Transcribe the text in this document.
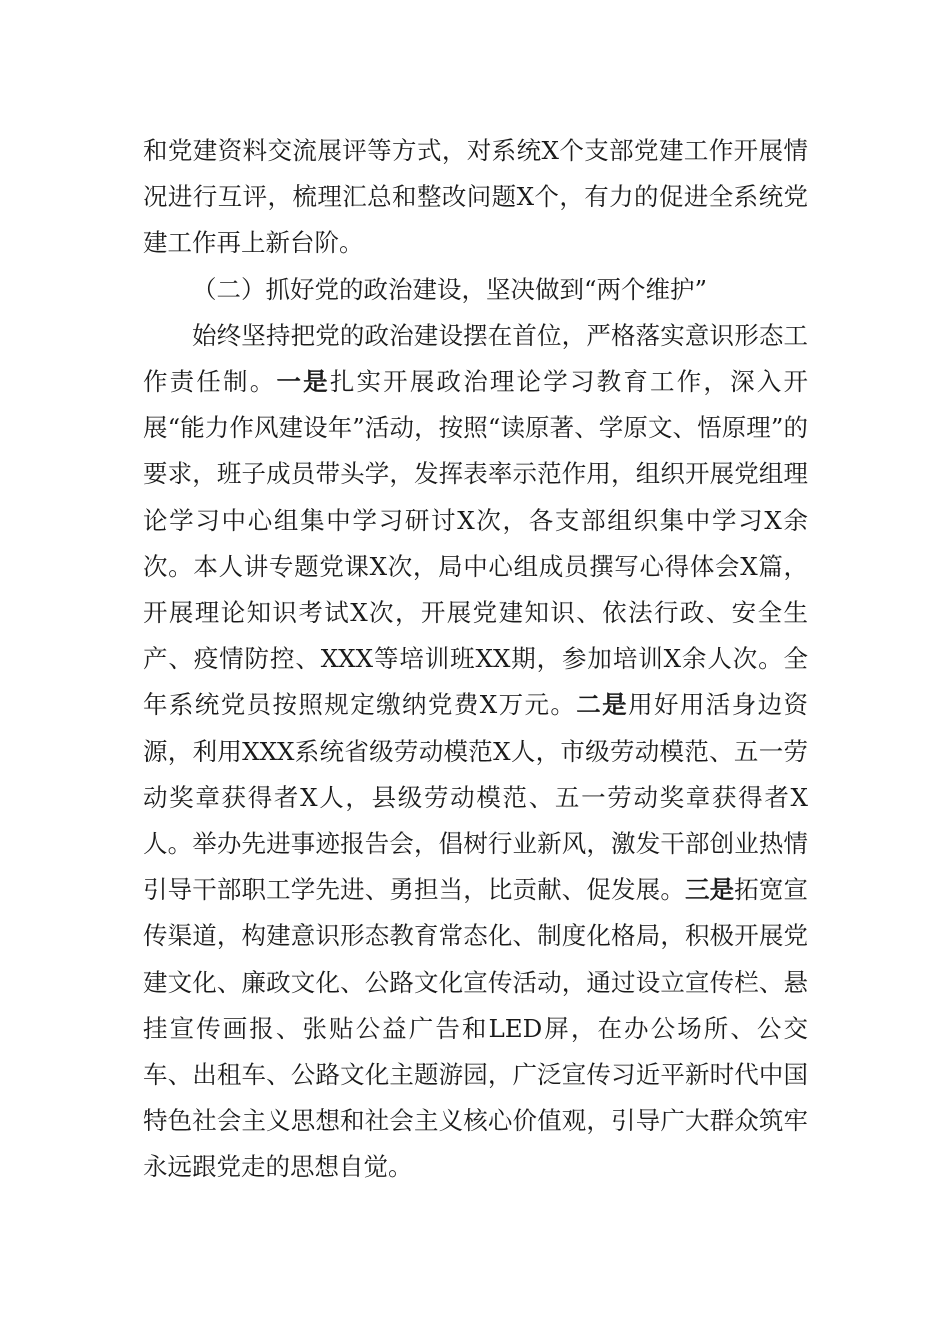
和党建资料交流展评等方式，对系统X个支部党建工作开展情况进行互评，梳理汇总和整改问题X个，有力的促进全系统党建工作再上新台阶。

（二）抓好党的政治建设，坚决做到“两个维护”

始终坚持把党的政治建设摆在首位，严格落实意识形态工作责任制。一是扎实开展政治理论学习教育工作，深入开展“能力作风建设年”活动，按照“读原著、学原文、悟原理”的要求，班子成员带头学，发挥表率示范作用，组织开展党组理论学习中心组集中学习研讨X次，各支部组织集中学习X余次。本人讲专题党课X次，局中心组成员撰写心得体会X篇，开展理论知识考试X次，开展党建知识、依法行政、安全生产、疫情防控、XXX等培训班XX期，参加培训X余人次。全年系统党员按照规定缴纳党费X万元。二是用好用活身边资源，利用XXX系统省级劳动模范X人，市级劳动模范、五一劳动奖章获得者X人，县级劳动模范、五一劳动奖章获得者X人。举办先进事迹报告会，倡树行业新风，激发干部创业热情引导干部职工学先进、勇担当，比贡献、促发展。三是拓宽宣传渠道，构建意识形态教育常态化、制度化格局，积极开展党建文化、廉政文化、公路文化宣传活动，通过设立宣传栏、悬挂宣传画报、张贴公益广告和LED屏，在办公场所、公交车、出租车、公路文化主题游园，广泛宣传习近平新时代中国特色社会主义思想和社会主义核心价值观，引导广大群众筑牢永远跟党走的思想自觉。
